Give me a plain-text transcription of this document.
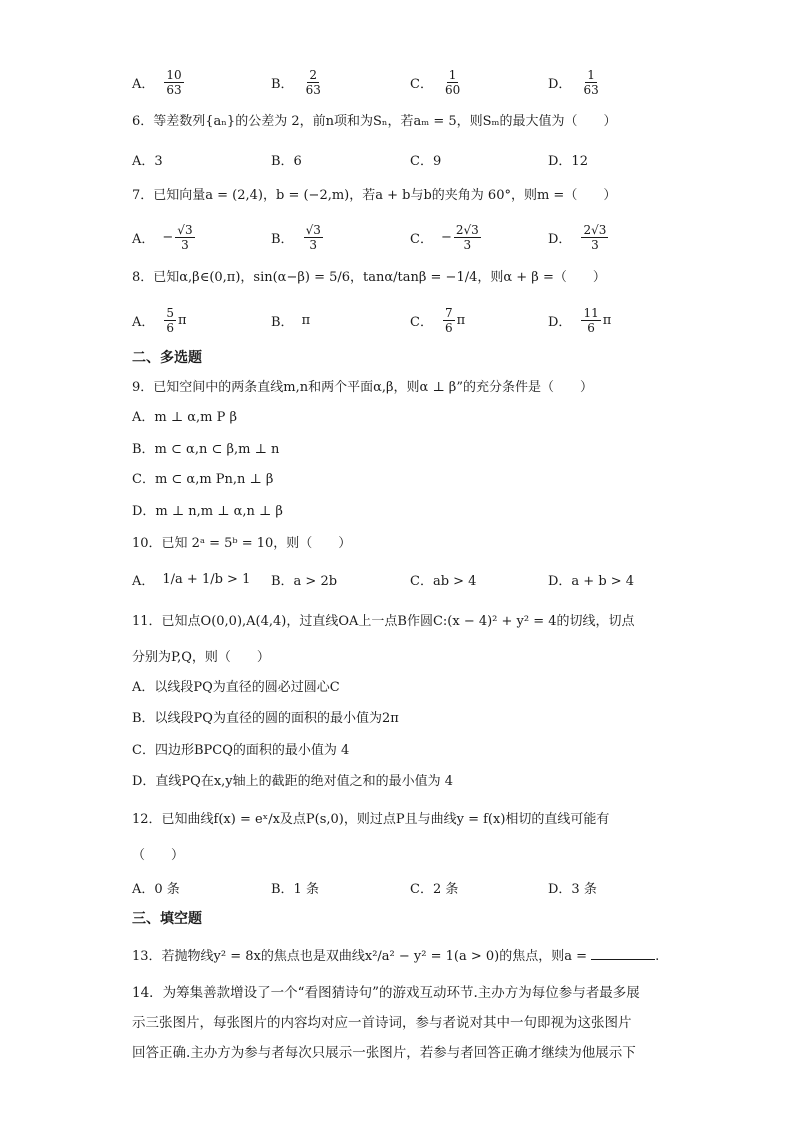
A． $\frac{10}{63}$	B． $\frac{2}{63}$	C． $\frac{1}{60}$	D． $\frac{1}{63}$
6．等差数列{aₙ}的公差为 2，前n项和为Sₙ，若aₘ = 5，则Sₘ的最大值为（　　）
A．3	B．6	C．9	D．12
7．已知向量a = (2,4)，b = (−2,m)，若a + b与b的夹角为 60°，则m =（　　）
A． − $\frac{√3}{3}$	B． $\frac{√3}{3}$	C． − $\frac{2√3}{3}$	D． $\frac{2√3}{3}$
8．已知α,β∈(0,π)，sin(α−β) = 5/6，tanα/tanβ = −1/4，则α + β =（　　）
A． $\frac{5}{6}$ π	B． π	C． $\frac{7}{6}$ π	D． $\frac{11}{6}$ π
二、多选题
9．已知空间中的两条直线m,n和两个平面α,β，则α ⊥ β”的充分条件是（　　）
A．m ⊥ α,m P β
B．m ⊂ α,n ⊂ β,m ⊥ n
C．m ⊂ α,m Pn,n ⊥ β
D．m ⊥ n,m ⊥ α,n ⊥ β
10．已知 2ᵃ = 5ᵇ = 10，则（　　）
A． 1/a + 1/b > 1 B．a > 2b	C．ab > 4	D．a + b > 4
11．已知点O(0,0),A(4,4)，过直线OA上一点B作圆C:(x − 4)² + y² = 4的切线，切点
分别为P,Q，则（　　）
A．以线段PQ为直径的圆必过圆心C
B．以线段PQ为直径的圆的面积的最小值为2π
C．四边形BPCQ的面积的最小值为 4
D．直线PQ在x,y轴上的截距的绝对值之和的最小值为 4
12．已知曲线f(x) = eˣ/x及点P(s,0)，则过点P且与曲线y = f(x)相切的直线可能有
（　　）
A．0 条	B．1 条	C．2 条	D．3 条
三、填空题
13．若抛物线y² = 8x的焦点也是双曲线x²/a² − y² = 1(a > 0)的焦点，则a =	.
14．为筹集善款增设了一个“看图猜诗句”的游戏互动环节.主办方为每位参与者最多展
示三张图片，每张图片的内容均对应一首诗词，参与者说对其中一句即视为这张图片
回答正确.主办方为参与者每次只展示一张图片，若参与者回答正确才继续为他展示下
